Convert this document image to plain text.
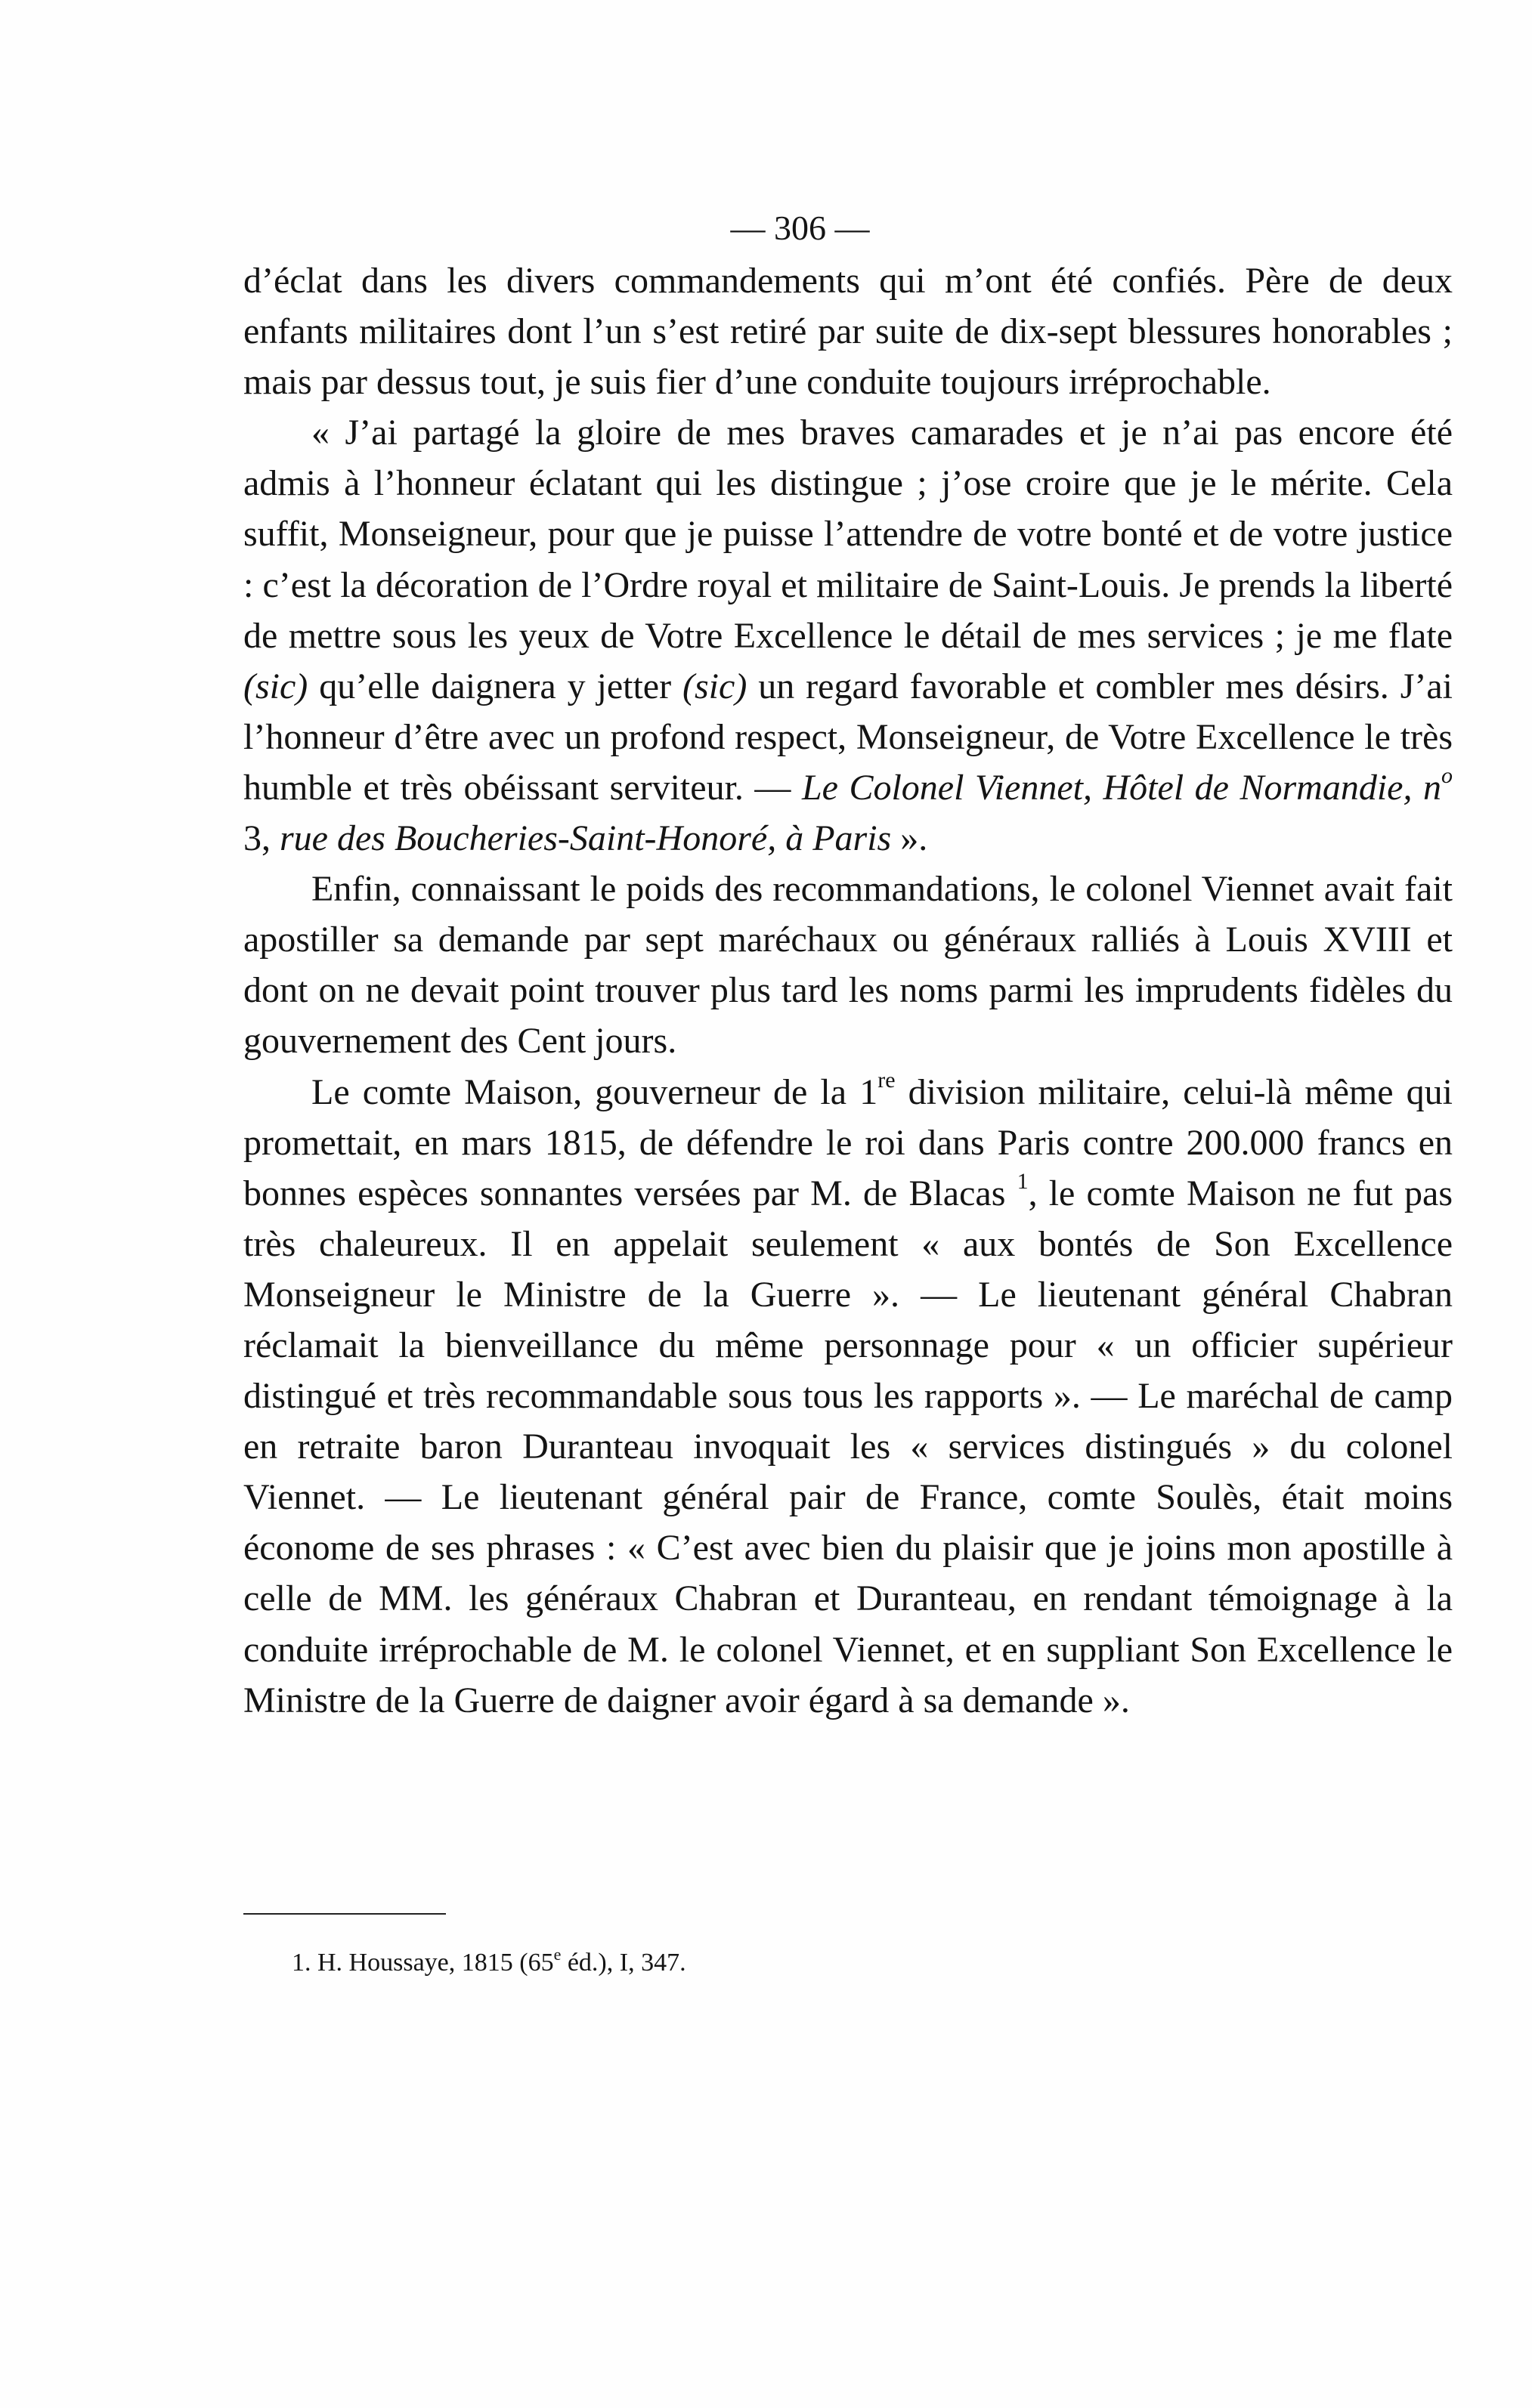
— 306 —

d’éclat dans les divers commandements qui m’ont été confiés. Père de deux enfants militaires dont l’un s’est retiré par suite de dix-sept blessures honorables ; mais par dessus tout, je suis fier d’une conduite toujours irréprochable.

« J’ai partagé la gloire de mes braves camarades et je n’ai pas encore été admis à l’honneur éclatant qui les distingue ; j’ose croire que je le mérite. Cela suffit, Monseigneur, pour que je puisse l’attendre de votre bonté et de votre justice : c’est la décoration de l’Ordre royal et militaire de Saint-Louis. Je prends la liberté de mettre sous les yeux de Votre Excellence le détail de mes services ; je me flate (sic) qu’elle daignera y jetter (sic) un regard favorable et combler mes désirs. J’ai l’honneur d’être avec un profond respect, Monseigneur, de Votre Excellence le très humble et très obéissant serviteur. — Le Colonel Viennet, Hôtel de Normandie, $n^o$ 3, rue des Boucheries-Saint-Honoré, à Paris ».

Enfin, connaissant le poids des recommandations, le colonel Viennet avait fait apostiller sa demande par sept maréchaux ou généraux ralliés à Louis XVIII et dont on ne devait point trouver plus tard les noms parmi les imprudents fidèles du gouvernement des Cent jours.

Le comte Maison, gouverneur de la 1re division militaire, celui-là même qui promettait, en mars 1815, de défendre le roi dans Paris contre 200.000 francs en bonnes espèces sonnantes versées par M. de Blacas $^1$, le comte Maison ne fut pas très chaleureux. Il en appelait seulement « aux bontés de Son Excellence Monseigneur le Ministre de la Guerre ». — Le lieutenant général Chabran réclamait la bienveillance du même personnage pour « un officier supérieur distingué et très recommandable sous tous les rapports ». — Le maréchal de camp en retraite baron Duranteau invoquait les « services distingués » du colonel Viennet. — Le lieutenant général pair de France, comte Soulès, était moins économe de ses phrases : « C’est avec bien du plaisir que je joins mon apostille à celle de MM. les généraux Chabran et Duranteau, en rendant témoignage à la conduite irréprochable de M. le colonel Viennet, et en suppliant Son Excellence le Ministre de la Guerre de daigner avoir égard à sa demande ».

1. H. Houssaye, 1815 (65e éd.), I, 347.
